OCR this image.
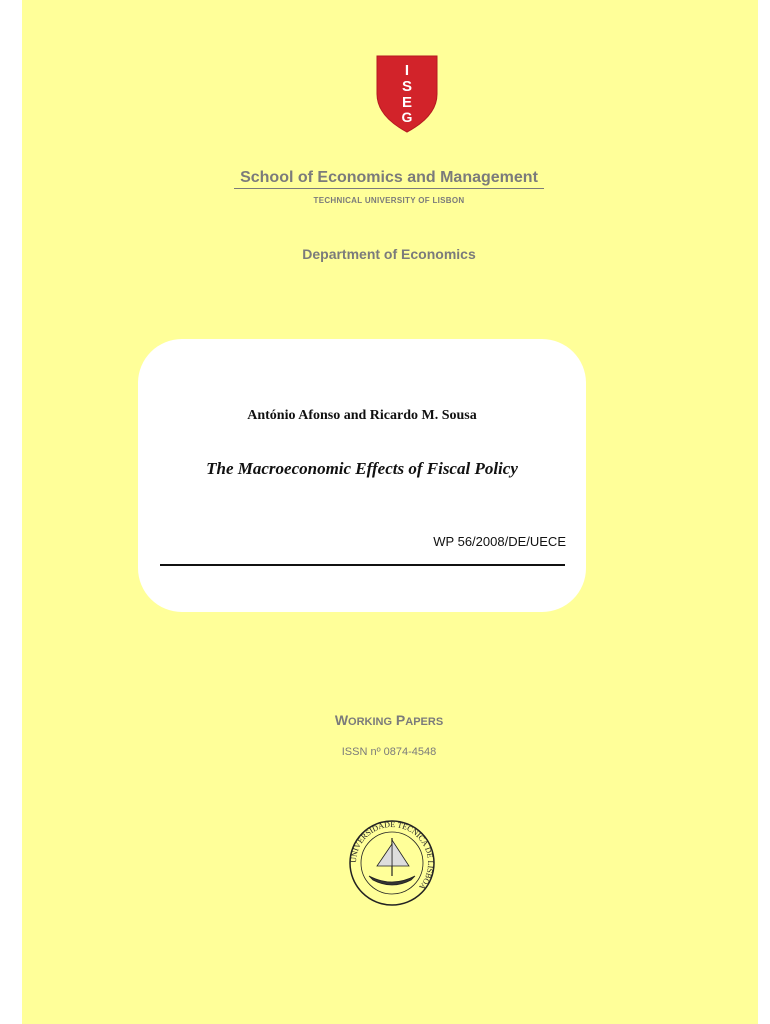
I
S
E
G
School of Economics and Management
TECHNICAL UNIVERSITY OF LISBON
Department of Economics
António Afonso and Ricardo M. Sousa
The Macroeconomic Effects of Fiscal Policy
WP 56/2008/DE/UECE
WORKING PAPERS
ISSN nº 0874-4548
UNIVERSIDADE TECNICA DE LISBOA
